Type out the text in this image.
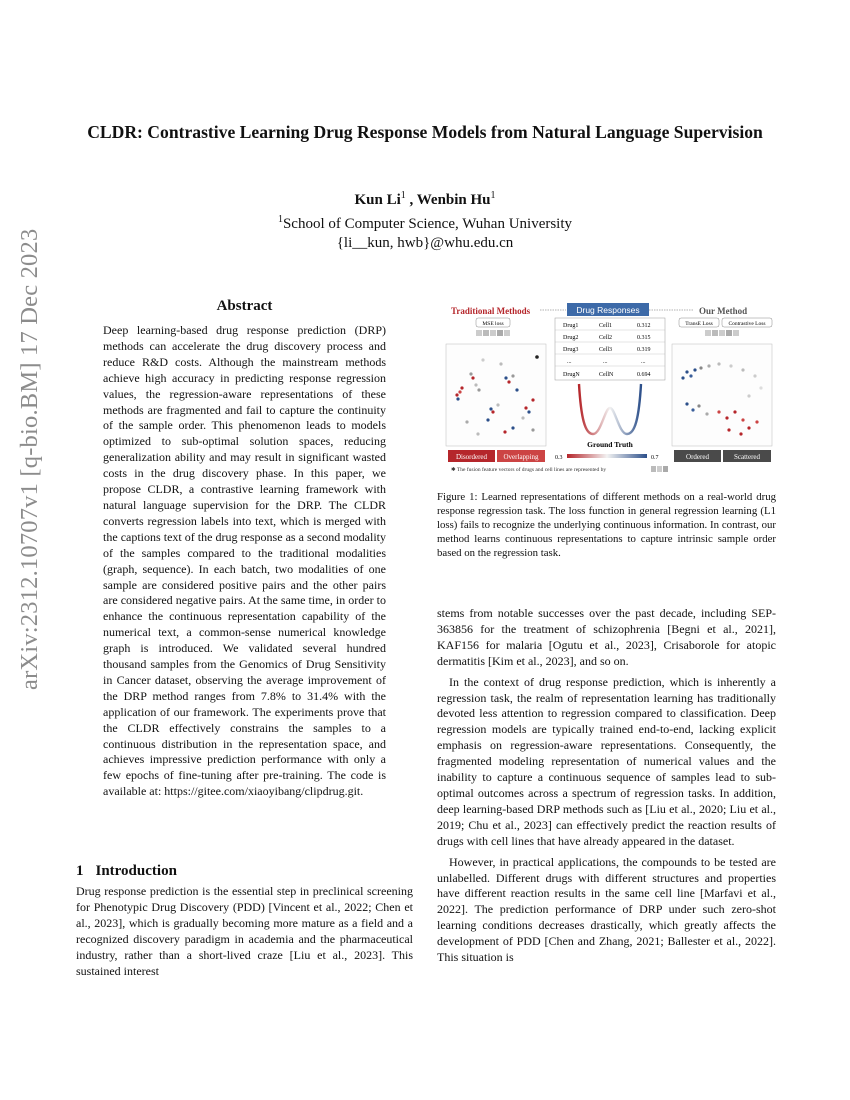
arXiv:2312.10707v1 [q-bio.BM] 17 Dec 2023
CLDR: Contrastive Learning Drug Response Models from Natural Language Supervision
Kun Li$^1$ , Wenbin Hu$^1$
$^1$School of Computer Science, Wuhan University
{li__kun, hwb}@whu.edu.cn
Abstract
Deep learning-based drug response prediction (DRP) methods can accelerate the drug discovery process and reduce R&D costs. Although the mainstream methods achieve high accuracy in predicting response regression values, the regression-aware representations of these methods are fragmented and fail to capture the continuity of the sample order. This phenomenon leads to models optimized to sub-optimal solution spaces, reducing generalization ability and may result in significant wasted costs in the drug discovery phase. In this paper, we propose CLDR, a contrastive learning framework with natural language supervision for the DRP. The CLDR converts regression labels into text, which is merged with the captions text of the drug response as a second modality of the samples compared to the traditional modalities (graph, sequence). In each batch, two modalities of one sample are considered positive pairs and the other pairs are considered negative pairs. At the same time, in order to enhance the continuous representation capability of the numerical text, a common-sense numerical knowledge graph is introduced. We validated several hundred thousand samples from the Genomics of Drug Sensitivity in Cancer dataset, observing the average improvement of the DRP method ranges from 7.8% to 31.4% with the application of our framework. The experiments prove that the CLDR effectively constrains the samples to a continuous distribution in the representation space, and achieves impressive prediction performance with only a few epochs of fine-tuning after pre-training. The code is available at: https://gitee.com/xiaoyibang/clipdrug.git.
1 Introduction
Drug response prediction is the essential step in preclinical screening for Phenotypic Drug Discovery (PDD) [Vincent et al., 2022; Chen et al., 2023], which is gradually becoming more mature as a field and a recognized discovery paradigm in academia and the pharmaceutical industry, rather than a short-lived craze [Liu et al., 2023]. This sustained interest
Traditional Methods	Our Method
Drug Responses
MSE loss	TransE Loss	Contrastive Loss
Drug1	Cell1	0.312
Drug2	Cell2	0.315
Drug3	Cell3	0.319
...	...	...
DrugN	CellN	0.694
Ground Truth
0.3	0.7
Disordered Overlapping	Ordered	Scattered
✱ The fusion feature vectors of drugs and cell lines are represented by
Figure 1: Learned representations of different methods on a real-world drug response regression task. The loss function in general regression learning (L1 loss) fails to recognize the underlying continuous information. In contrast, our method learns continuous representations to capture intrinsic sample order based on the regression task.

stems from notable successes over the past decade, including SEP-363856 for the treatment of schizophrenia [Begni et al., 2021], KAF156 for malaria [Ogutu et al., 2023], Crisaborole for atopic dermatitis [Kim et al., 2023], and so on.

In the context of drug response prediction, which is inherently a regression task, the realm of representation learning has traditionally devoted less attention to regression compared to classification. Deep regression models are typically trained end-to-end, lacking explicit emphasis on regression-aware representations. Consequently, the fragmented modeling representation of numerical values and the inability to capture a continuous sequence of samples lead to sub-optimal outcomes across a spectrum of regression tasks. In addition, deep learning-based DRP methods such as [Liu et al., 2020; Liu et al., 2019; Chu et al., 2023] can effectively predict the reaction results of drugs with cell lines that have already appeared in the dataset.

However, in practical applications, the compounds to be tested are unlabelled. Different drugs with different structures and properties have different reaction results in the same cell line [Marfavi et al., 2022]. The prediction performance of DRP under such zero-shot learning conditions decreases drastically, which greatly affects the development of PDD [Chen and Zhang, 2021; Ballester et al., 2022]. This situation is
